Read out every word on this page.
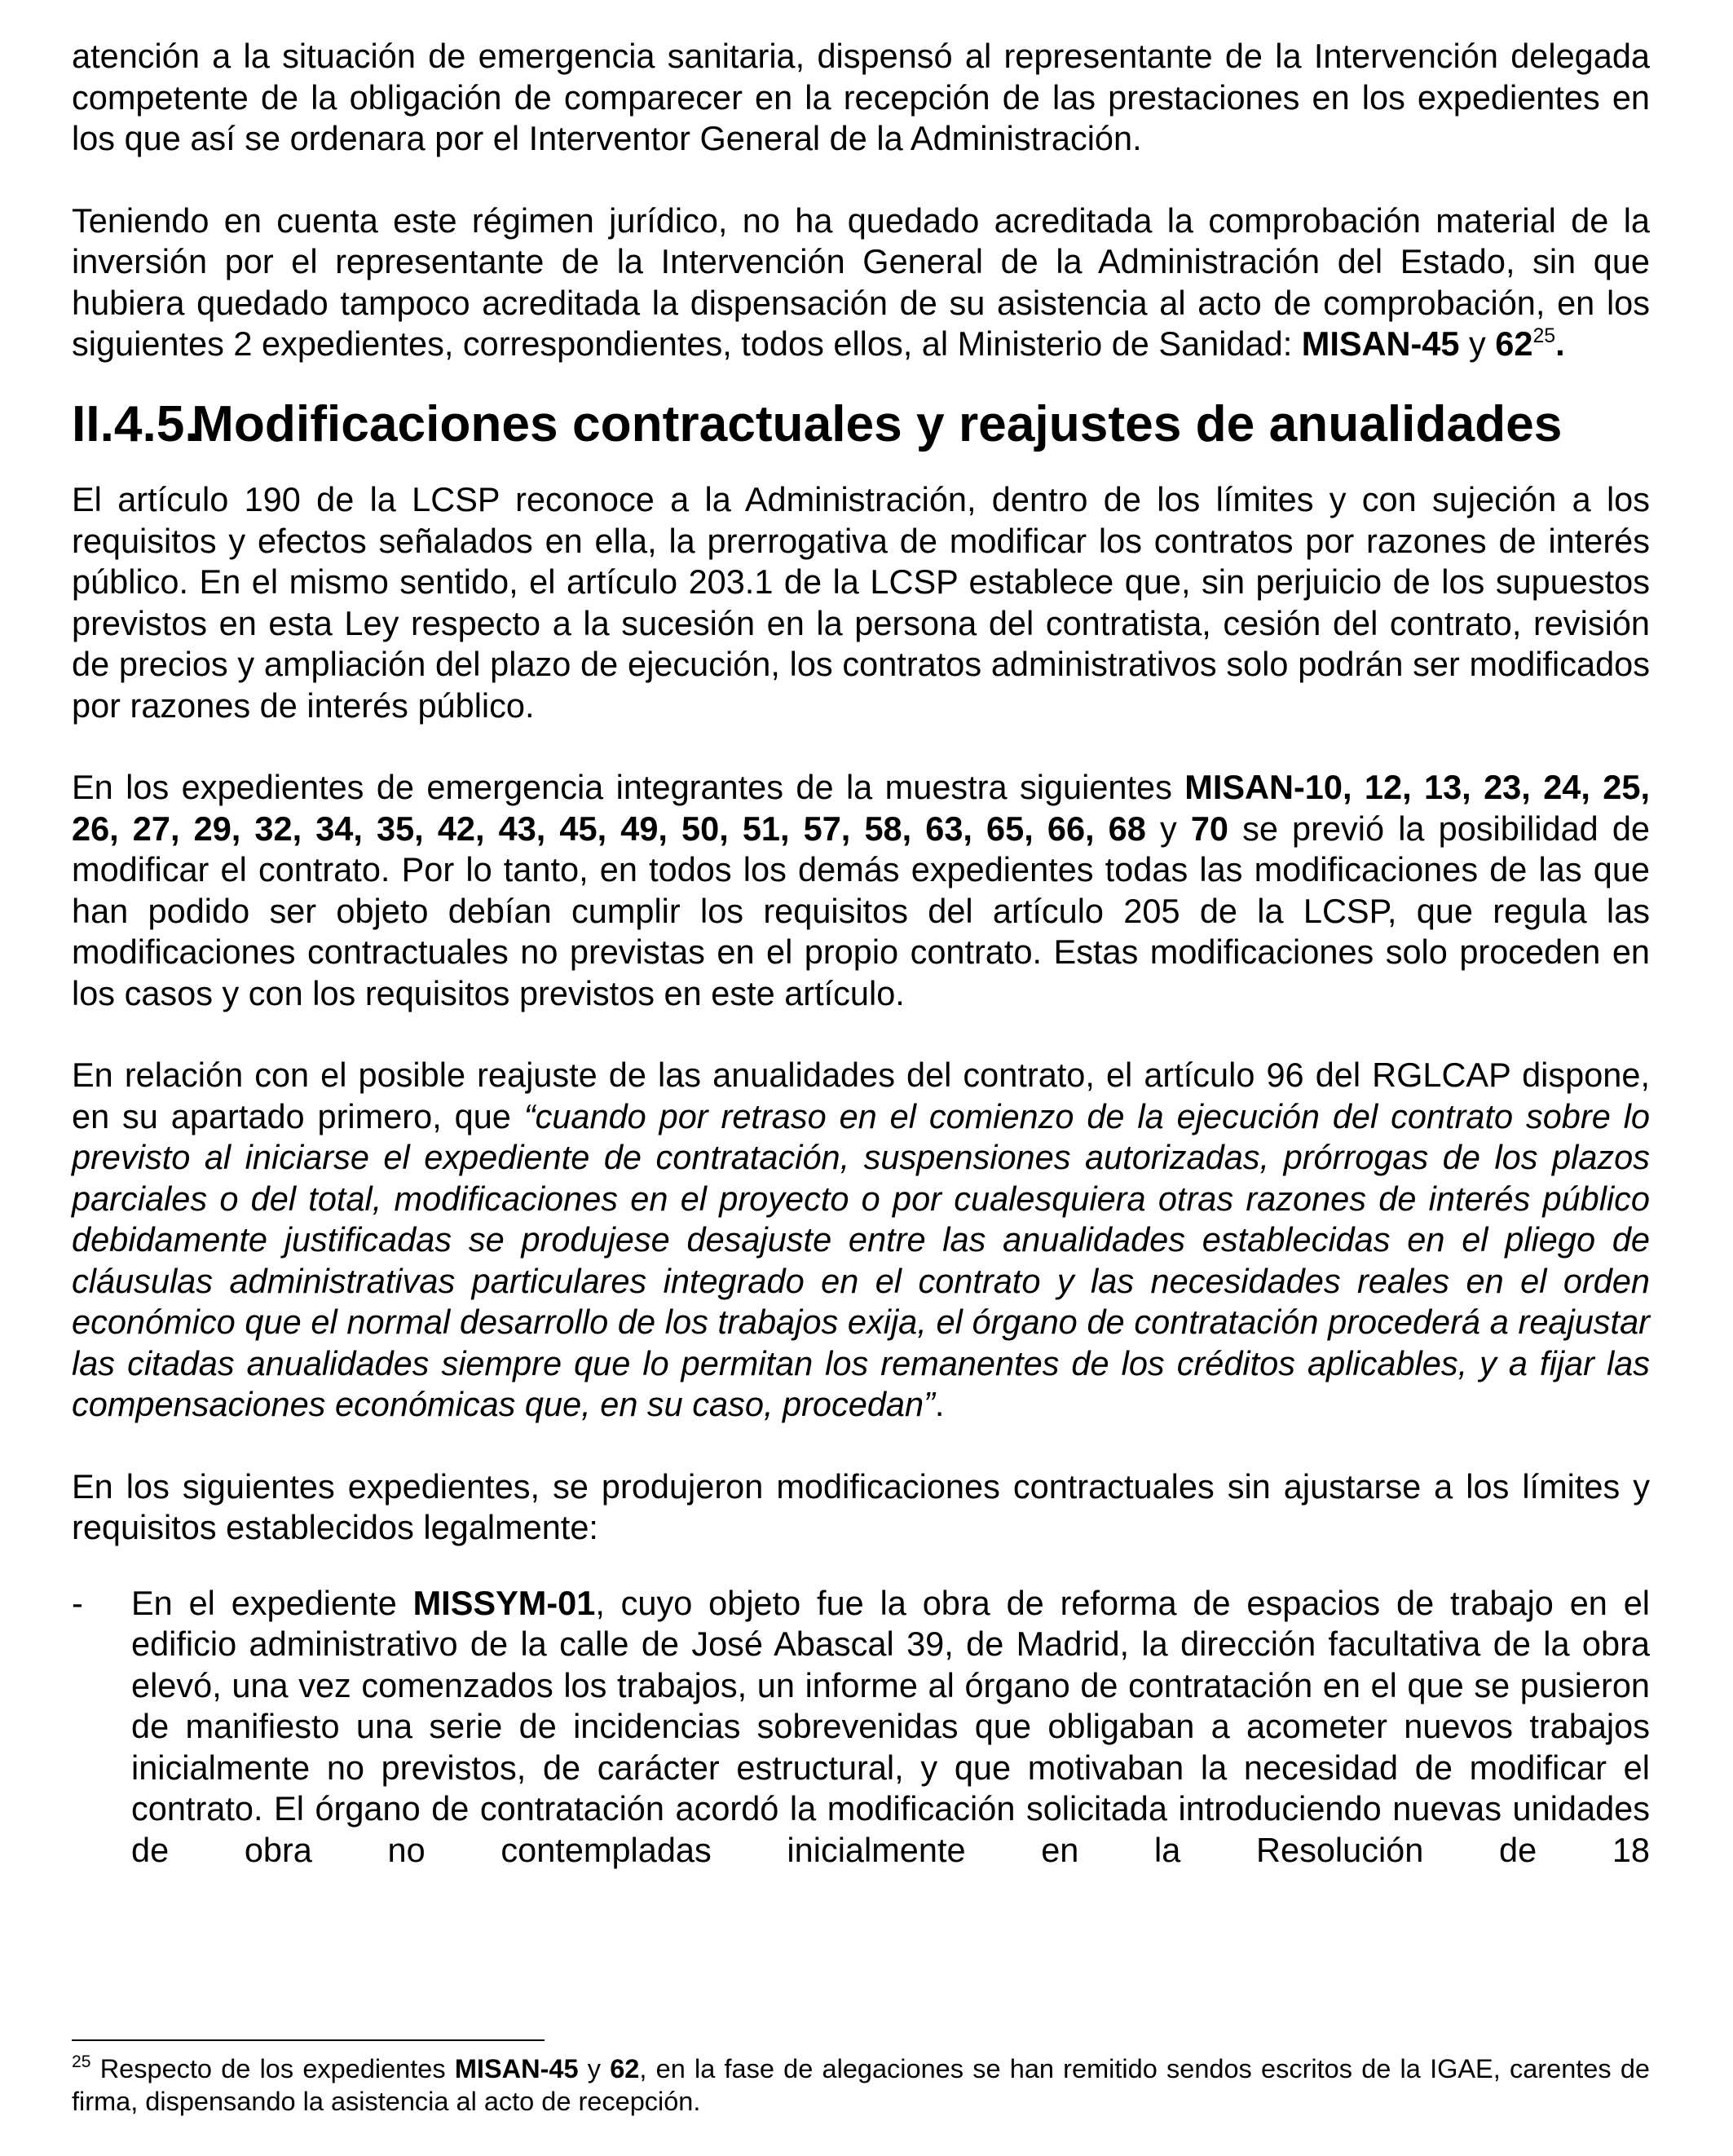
atención a la situación de emergencia sanitaria, dispensó al representante de la Intervención delegada competente de la obligación de comparecer en la recepción de las prestaciones en los expedientes en los que así se ordenara por el Interventor General de la Administración.

Teniendo en cuenta este régimen jurídico, no ha quedado acreditada la comprobación material de la inversión por el representante de la Intervención General de la Administración del Estado, sin que hubiera quedado tampoco acreditada la dispensación de su asistencia al acto de comprobación, en los siguientes 2 expedientes, correspondientes, todos ellos, al Ministerio de Sanidad: MISAN-45 y $62^{25}$.

II.4.5.
Modificaciones contractuales y reajustes de anualidades

El artículo 190 de la LCSP reconoce a la Administración, dentro de los límites y con sujeción a los requisitos y efectos señalados en ella, la prerrogativa de modificar los contratos por razones de interés público. En el mismo sentido, el artículo 203.1 de la LCSP establece que, sin perjuicio de los supuestos previstos en esta Ley respecto a la sucesión en la persona del contratista, cesión del contrato, revisión de precios y ampliación del plazo de ejecución, los contratos administrativos solo podrán ser modificados por razones de interés público.

En los expedientes de emergencia integrantes de la muestra siguientes MISAN-10, 12, 13, 23, 24, 25, 26, 27, 29, 32, 34, 35, 42, 43, 45, 49, 50, 51, 57, 58, 63, 65, 66, 68 y 70 se previó la posibilidad de modificar el contrato. Por lo tanto, en todos los demás expedientes todas las modificaciones de las que han podido ser objeto debían cumplir los requisitos del artículo 205 de la LCSP, que regula las modificaciones contractuales no previstas en el propio contrato. Estas modificaciones solo proceden en los casos y con los requisitos previstos en este artículo.

En relación con el posible reajuste de las anualidades del contrato, el artículo 96 del RGLCAP dispone, en su apartado primero, que “cuando por retraso en el comienzo de la ejecución del contrato sobre lo previsto al iniciarse el expediente de contratación, suspensiones autorizadas, prórrogas de los plazos parciales o del total, modificaciones en el proyecto o por cualesquiera otras razones de interés público debidamente justificadas se produjese desajuste entre las anualidades establecidas en el pliego de cláusulas administrativas particulares integrado en el contrato y las necesidades reales en el orden económico que el normal desarrollo de los trabajos exija, el órgano de contratación procederá a reajustar las citadas anualidades siempre que lo permitan los remanentes de los créditos aplicables, y a fijar las compensaciones económicas que, en su caso, procedan”.

En los siguientes expedientes, se produjeron modificaciones contractuales sin ajustarse a los límites y requisitos establecidos legalmente:

-	En el expediente MISSYM-01, cuyo objeto fue la obra de reforma de espacios de trabajo en el edificio administrativo de la calle de José Abascal 39, de Madrid, la dirección facultativa de la obra elevó, una vez comenzados los trabajos, un informe al órgano de contratación en el que se pusieron de manifiesto una serie de incidencias sobrevenidas que obligaban a acometer nuevos trabajos inicialmente no previstos, de carácter estructural, y que motivaban la necesidad de modificar el contrato. El órgano de contratación acordó la modificación solicitada introduciendo nuevas unidades de obra no contempladas inicialmente en la Resolución de 18

$^{25}$ Respecto de los expedientes MISAN-45 y 62, en la fase de alegaciones se han remitido sendos escritos de la IGAE, carentes de firma, dispensando la asistencia al acto de recepción.
